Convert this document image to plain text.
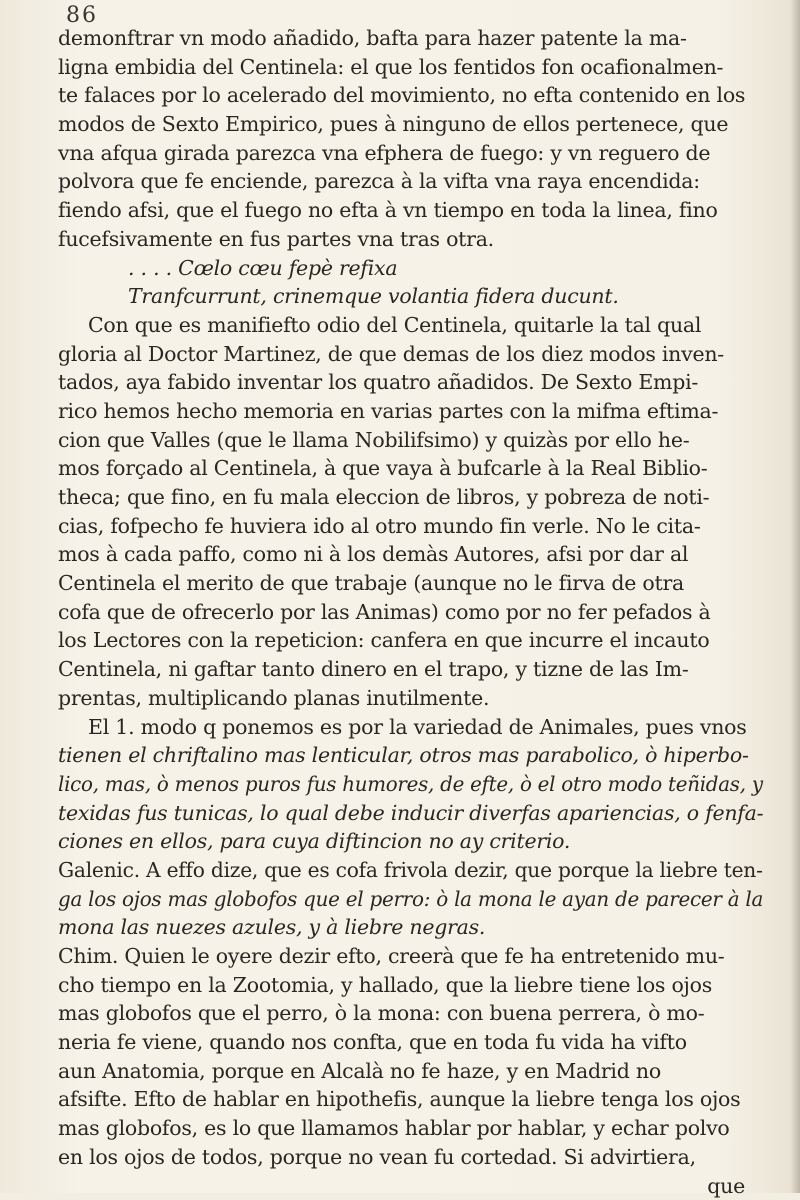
86
demonftrar vn modo añadido, bafta para hazer patente la ma-
ligna embidia del Centinela: el que los fentidos fon ocafionalmen-
te falaces por lo acelerado del movimiento, no efta contenido en los
modos de Sexto Empirico, pues à ninguno de ellos pertenece, que
vna afqua girada parezca vna efphera de fuego: y vn reguero de
polvora que fe enciende, parezca à la vifta vna raya encendida:
fiendo afsi, que el fuego no efta à vn tiempo en toda la linea, fino
fucefsivamente en fus partes vna tras otra.
. . . . Cœlo cœu fepè refixa
Tranfcurrunt, crinemque volantia fidera ducunt.
Con que es manifiefto odio del Centinela, quitarle la tal qual
gloria al Doctor Martinez, de que demas de los diez modos inven-
tados, aya fabido inventar los quatro añadidos. De Sexto Empi-
rico hemos hecho memoria en varias partes con la mifma eftima-
cion que Valles (que le llama Nobilifsimo) y quizàs por ello he-
mos forçado al Centinela, à que vaya à bufcarle à la Real Biblio-
theca; que fino, en fu mala eleccion de libros, y pobreza de noti-
cias, fofpecho fe huviera ido al otro mundo fin verle. No le cita-
mos à cada paffo, como ni à los demàs Autores, afsi por dar al
Centinela el merito de que trabaje (aunque no le firva de otra
cofa que de ofrecerlo por las Animas) como por no fer pefados à
los Lectores con la repeticion: canfera en que incurre el incauto
Centinela, ni gaftar tanto dinero en el trapo, y tizne de las Im-
prentas, multiplicando planas inutilmente.
El 1. modo q ponemos es por la variedad de Animales, pues vnos
tienen el chriftalino mas lenticular, otros mas parabolico, ò hiperbo-
lico, mas, ò menos puros fus humores, de efte, ò el otro modo teñidas, y
texidas fus tunicas, lo qual debe inducir diverfas apariencias, o fenfa-
ciones en ellos, para cuya diftincion no ay criterio.
Galenic. A effo dize, que es cofa frivola dezir, que porque la liebre ten-
ga los ojos mas globofos que el perro: ò la mona le ayan de parecer à la
mona las nuezes azules, y à liebre negras.
Chim. Quien le oyere dezir efto, creerà que fe ha entretenido mu-
cho tiempo en la Zootomia, y hallado, que la liebre tiene los ojos
mas globofos que el perro, ò la mona: con buena perrera, ò mo-
neria fe viene, quando nos confta, que en toda fu vida ha vifto
aun Anatomia, porque en Alcalà no fe haze, y en Madrid no
afsifte. Efto de hablar en hipothefis, aunque la liebre tenga los ojos
mas globofos, es lo que llamamos hablar por hablar, y echar polvo
en los ojos de todos, porque no vean fu cortedad. Si advirtiera,
que
